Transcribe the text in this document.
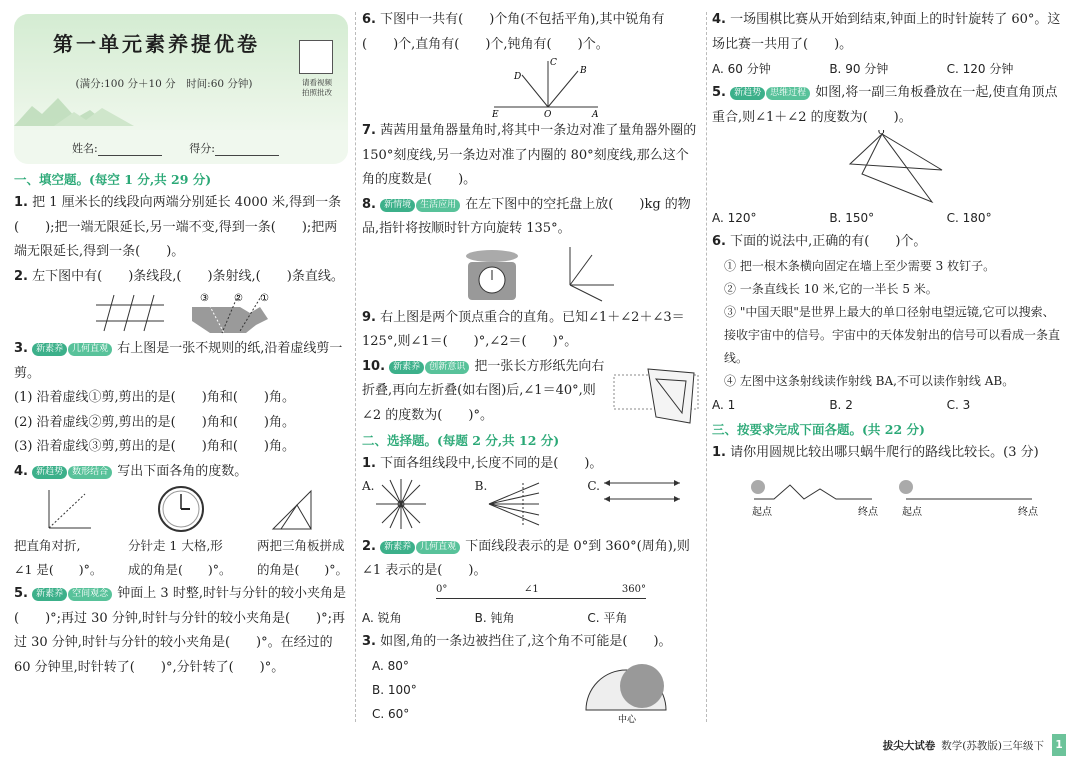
第一单元素养提优卷
(满分:100 分＋10 分　时间:60 分钟)	请看视频
拍照批改
姓名:	得分:
一、填空题。(每空 1 分,共 29 分)
1. 把 1 厘米长的线段向两端分别延长 4000 米,得到一条(　　);把一端无限延长,另一端不变,得到一条(　　);把两端无限延长,得到一条(　　)。
2. 左下图中有(　　)条线段,(　　)条射线,(　　)条直线。
③	② ①
3. 新素养 几何直观 右上图是一张不规则的纸,沿着虚线剪一剪。
(1) 沿着虚线①剪,剪出的是(　　)角和(　　)角。
(2) 沿着虚线②剪,剪出的是(　　)角和(　　)角。
(3) 沿着虚线③剪,剪出的是(　　)角和(　　)角。
4. 新趋势 数形结合 写出下面各角的度数。
把直角对折,
∠1 是(　　)°。
分针走 1 大格,形
成的角是(　　)°。
两把三角板拼成
的角是(　　)°。
5. 新素养 空间观念 钟面上 3 时整,时针与分针的较小夹角是(　　)°;再过 30 分钟,时针与分针的较小夹角是(　　)°;再过 30 分钟,时针与分针的较小夹角是(　　)°。在经过的 60 分钟里,时针转了(　　)°,分针转了(　　)°。
6. 下图中一共有(　　)个角(不包括平角),其中锐角有(　　)个,直角有(　　)个,钝角有(　　)个。
C
B
D
E	O	A
7. 茜茜用量角器量角时,将其中一条边对准了量角器外圈的 150°刻度线,另一条边对准了内圈的 80°刻度线,那么这个角的度数是(　　)。
8. 新情境 生活应用 在左下图中的空托盘上放(　　)kg 的物品,指针将按顺时针方向旋转 135°。
9. 右上图是两个顶点重合的直角。已知∠1＋∠2＋∠3＝125°,则∠1＝(　　)°,∠2＝(　　)°。
10. 新素养 创新意识 把一张长方形纸先向右折叠,再向左折叠(如右图)后,∠1＝40°,则∠2 的度数为(　　)°。
二、选择题。(每题 2 分,共 12 分)
1. 下面各组线段中,长度不同的是(　　)。
A.	B.	C.
2. 新素养 几何直观 下面线段表示的是 0°到 360°(周角),则∠1 表示的是(　　)。
0°	∠1	360°
A. 锐角	B. 钝角	C. 平角
3. 如图,角的一条边被挡住了,这个角不可能是(　　)。
A. 80°
B. 100°
C. 60°	中心
4. 一场围棋比赛从开始到结束,钟面上的时针旋转了 60°。这场比赛一共用了(　　)。
A. 60 分钟	B. 90 分钟	C. 120 分钟
5. 新趋势 思维过程 如图,将一副三角板叠放在一起,使直角顶点重合,则∠1＋∠2 的度数为(　　)。
O
A. 120°	B. 150°	C. 180°
6. 下面的说法中,正确的有(　　)个。
① 把一根木条横向固定在墙上至少需要 3 枚钉子。
② 一条直线长 10 米,它的一半长 5 米。
③ "中国天眼"是世界上最大的单口径射电望远镜,它可以搜索、接收宇宙中的信号。宇宙中的天体发射出的信号可以看成一条直线。
④ 左图中这条射线读作射线 BA,不可以读作射线 AB。
A. 1	B. 2	C. 3
三、按要求完成下面各题。(共 22 分)
1. 请你用圆规比较出哪只蜗牛爬行的路线比较长。(3 分)
起点	终点 起点	终点
拔尖大试卷 数学(苏教版)三年级下	1
